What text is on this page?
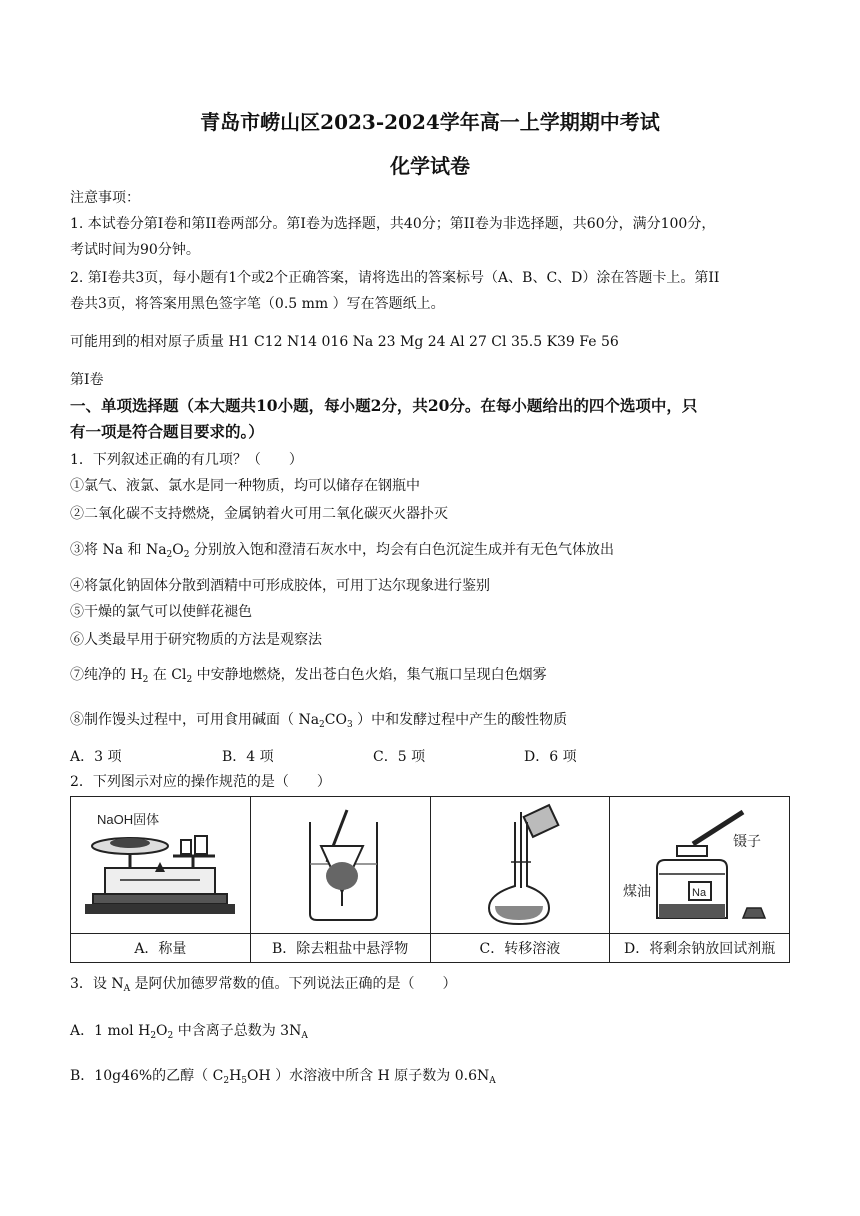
青岛市崂山区2023-2024学年高一上学期期中考试
化学试卷
注意事项：
1. 本试卷分第I卷和第II卷两部分。第I卷为选择题，共40分；第II卷为非选择题，共60分，满分100分，
考试时间为90分钟。
2. 第I卷共3页，每小题有1个或2个正确答案，请将选出的答案标号（A、B、C、D）涂在答题卡上。第II
卷共3页，将答案用黑色签字笔（0.5 mm ）写在答题纸上。
可能用到的相对原子质量 H1 C12 N14 016 Na 23 Mg 24 Al 27 Cl 35.5 K39 Fe 56
第I卷
一、单项选择题（本大题共10小题，每小题2分，共20分。在每小题给出的四个选项中，只
有一项是符合题目要求的。）
1．下列叙述正确的有几项？（　　）
①氯气、液氯、氯水是同一种物质，均可以储存在钢瓶中
②二氧化碳不支持燃烧，金属钠着火可用二氧化碳灭火器扑灭
③将 Na 和 $Na_2O_2$ 分别放入饱和澄清石灰水中，均会有白色沉淀生成并有无色气体放出
④将氯化钠固体分散到酒精中可形成胶体，可用丁达尔现象进行鉴别
⑤干燥的氯气可以使鲜花褪色
⑥人类最早用于研究物质的方法是观察法
⑦纯净的 $H_2$ 在 $Cl_2$ 中安静地燃烧，发出苍白色火焰，集气瓶口呈现白色烟雾
⑧制作馒头过程中，可用食用碱面（ $Na_2CO_3$ ）中和发酵过程中产生的酸性物质
A．3 项	B．4 项	C．5 项	D．6 项
2．下列图示对应的操作规范的是（　　）
NaOH固体			镊子
煤油 Na

A．称量	B．除去粗盐中悬浮物	C．转移溶液	D．将剩余钠放回试剂瓶
3．设 $N_A$ 是阿伏加德罗常数的值。下列说法正确的是（　　）
A．1 mol $H_2O_2$ 中含离子总数为 $3N_A$
B．10g46%的乙醇（ $C_2H_5OH$ ）水溶液中所含 H 原子数为 $0.6N_A$
